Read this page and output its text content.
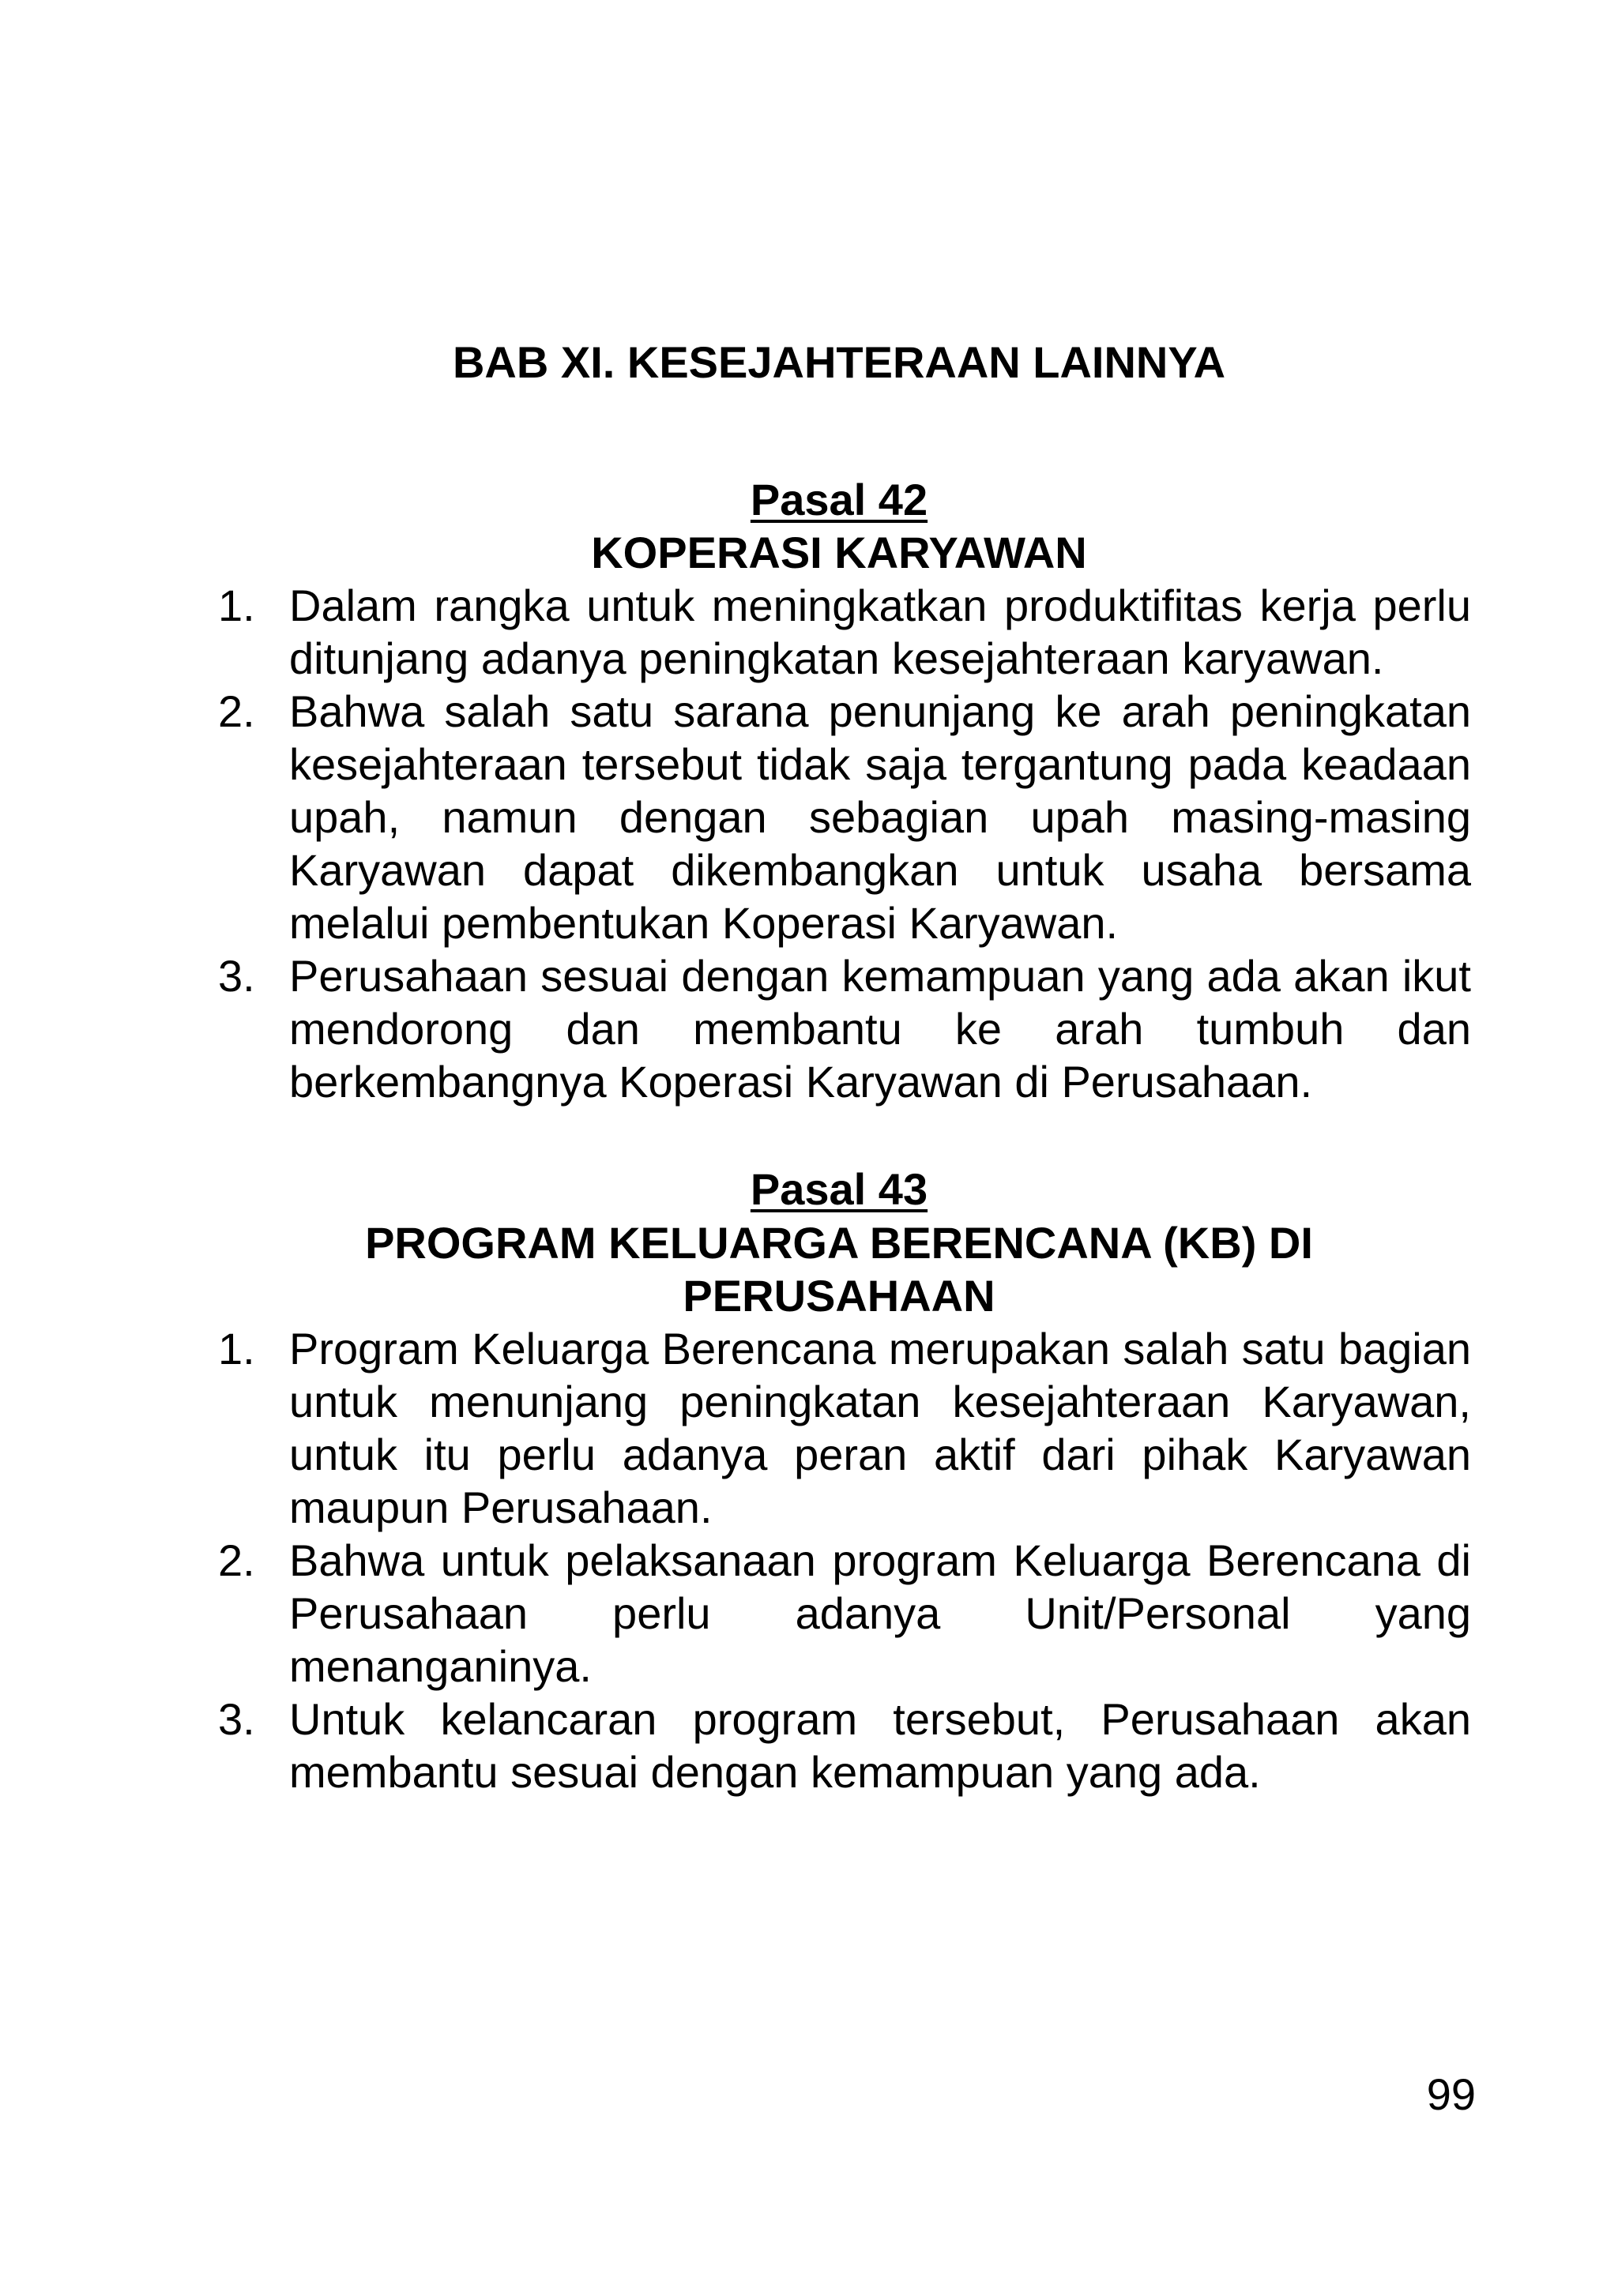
BAB XI. KESEJAHTERAAN LAINNYA
Pasal 42
KOPERASI KARYAWAN
1. Dalam rangka untuk meningkatkan produktifitas kerja perlu ditunjang adanya peningkatan kesejahteraan karyawan.
2. Bahwa salah satu sarana penunjang ke arah peningkatan kesejahteraan tersebut tidak saja tergantung pada keadaan upah, namun dengan sebagian upah masing-masing Karyawan dapat dikembangkan untuk usaha bersama melalui pembentukan Koperasi Karyawan.
3. Perusahaan sesuai dengan kemampuan yang ada akan ikut mendorong dan membantu ke arah tumbuh dan berkembangnya Koperasi Karyawan di Perusahaan.
Pasal 43
PROGRAM KELUARGA BERENCANA (KB) DI PERUSAHAAN
1. Program Keluarga Berencana merupakan salah satu bagian untuk menunjang peningkatan kesejahteraan Karyawan, untuk itu perlu adanya peran aktif dari pihak Karyawan maupun Perusahaan.
2. Bahwa untuk pelaksanaan program Keluarga Berencana di Perusahaan perlu adanya Unit/Personal yang menanganinya.
3. Untuk kelancaran program tersebut, Perusahaan akan membantu sesuai dengan kemampuan yang ada.
99
